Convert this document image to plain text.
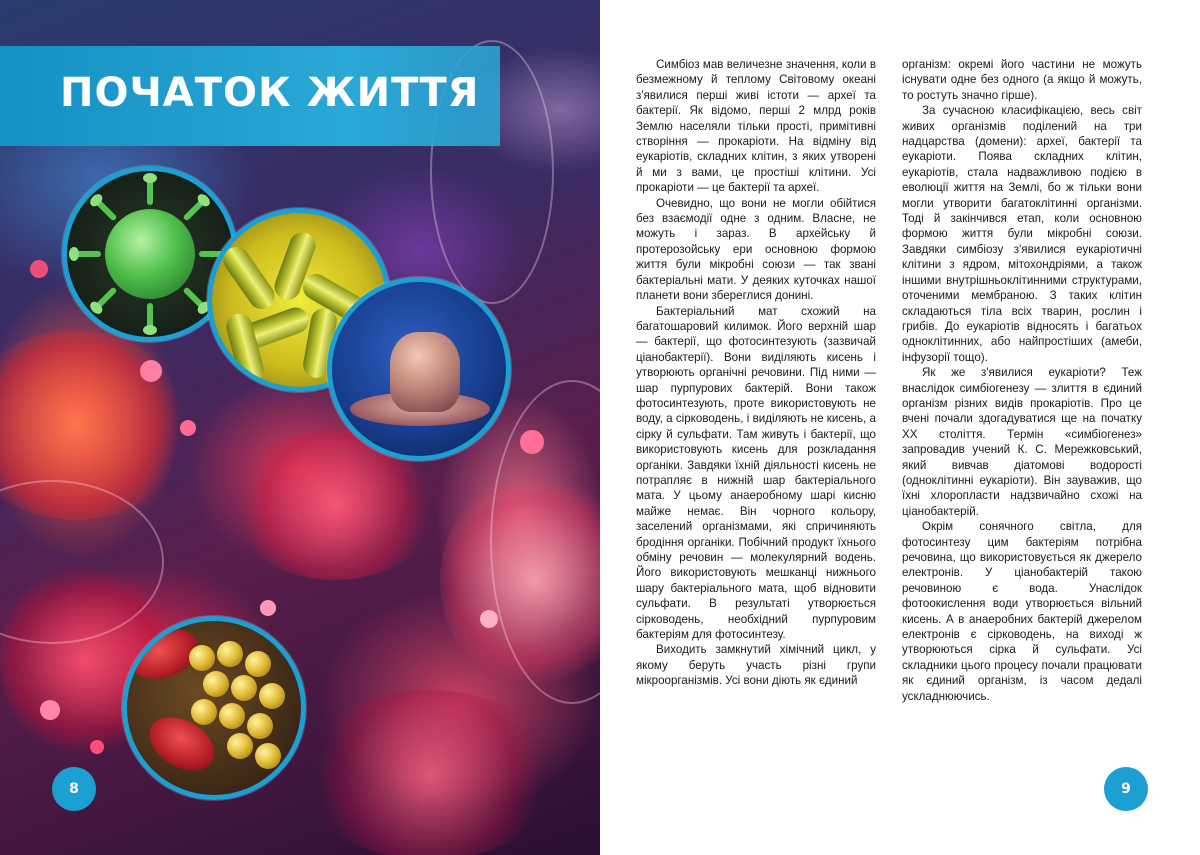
ПОЧАТОК ЖИТТЯ
8

Симбіоз мав величезне значення, коли в безмежному й теплому Світовому океані з'явилися перші живі істоти — археї та бактерії. Як відомо, перші 2 млрд років Землю населяли тільки прості, примітивні створіння — прокаріоти. На відміну від еукаріотів, складних клітин, з яких утворені й ми з вами, це простіші клітини. Усі прокаріоти — це бактерії та археї.

Очевидно, що вони не могли обійтися без взаємодії одне з одним. Власне, не можуть і зараз. В архейську й протерозойську ери основною формою життя були мікробні союзи — так звані бактеріальні мати. У деяких куточках нашої планети вони збереглися донині.

Бактеріальний мат схожий на багатошаровий килимок. Його верхній шар — бактерії, що фотосинтезують (зазвичай ціанобактерії). Вони виділяють кисень і утворюють органічні речовини. Під ними — шар пурпурових бактерій. Вони також фотосинтезують, проте використовують не воду, а сірководень, і виділяють не кисень, а сірку й сульфати. Там живуть і бактерії, що використовують кисень для розкладання органіки. Завдяки їхній діяльності кисень не потрапляє в нижній шар бактеріального мата. У цьому анаеробному шарі кисню майже немає. Він чорного кольору, заселений організмами, які спричиняють бродіння органіки. Побічний продукт їхнього обміну речовин — молекулярний водень. Його використовують мешканці нижнього шару бактеріального мата, щоб відновити сульфати. В результаті утворюється сірководень, необхідний пурпуровим бактеріям для фотосинтезу.

Виходить замкнутий хімічний цикл, у якому беруть участь різні групи мікроорганізмів. Усі вони діють як єдиний

організм: окремі його частини не можуть існувати одне без одного (а якщо й можуть, то ростуть значно гірше).

За сучасною класифікацією, весь світ живих організмів поділений на три надцарства (домени): археї, бактерії та еукаріоти. Поява складних клітин, еукаріотів, стала надважливою подією в еволюції життя на Землі, бо ж тільки вони могли утворити багатоклітинні організми. Тоді й закінчився етап, коли основною формою життя були мікробні союзи. Завдяки симбіозу з'явилися еукаріотичні клітини з ядром, мітохондріями, а також іншими внутрішньоклітинними структурами, оточеними мембраною. З таких клітин складаються тіла всіх тварин, рослин і грибів. До еукаріотів відносять і багатьох одноклітинних, або найпростіших (амеби, інфузорії тощо).

Як же з'явилися еукаріоти? Теж внаслідок симбіогенезу — злиття в єдиний організм різних видів прокаріотів. Про це вчені почали здогадуватися ще на початку XX століття. Термін «симбіогенез» запровадив учений К. С. Мережковський, який вивчав діатомові водорості (одноклітинні еукаріоти). Він зауважив, що їхні хлоропласти надзвичайно схожі на ціанобактерій.

Окрім сонячного світла, для фотосинтезу цим бактеріям потрібна речовина, що використовується як джерело електронів. У ціанобактерій такою речовиною є вода. Унаслідок фотоокислення води утворюється вільний кисень. А в анаеробних бактерій джерелом електронів є сірководень, на виході ж утворюються сірка й сульфати. Усі складники цього процесу почали працювати як єдиний організм, із часом дедалі ускладнюючись.

9
